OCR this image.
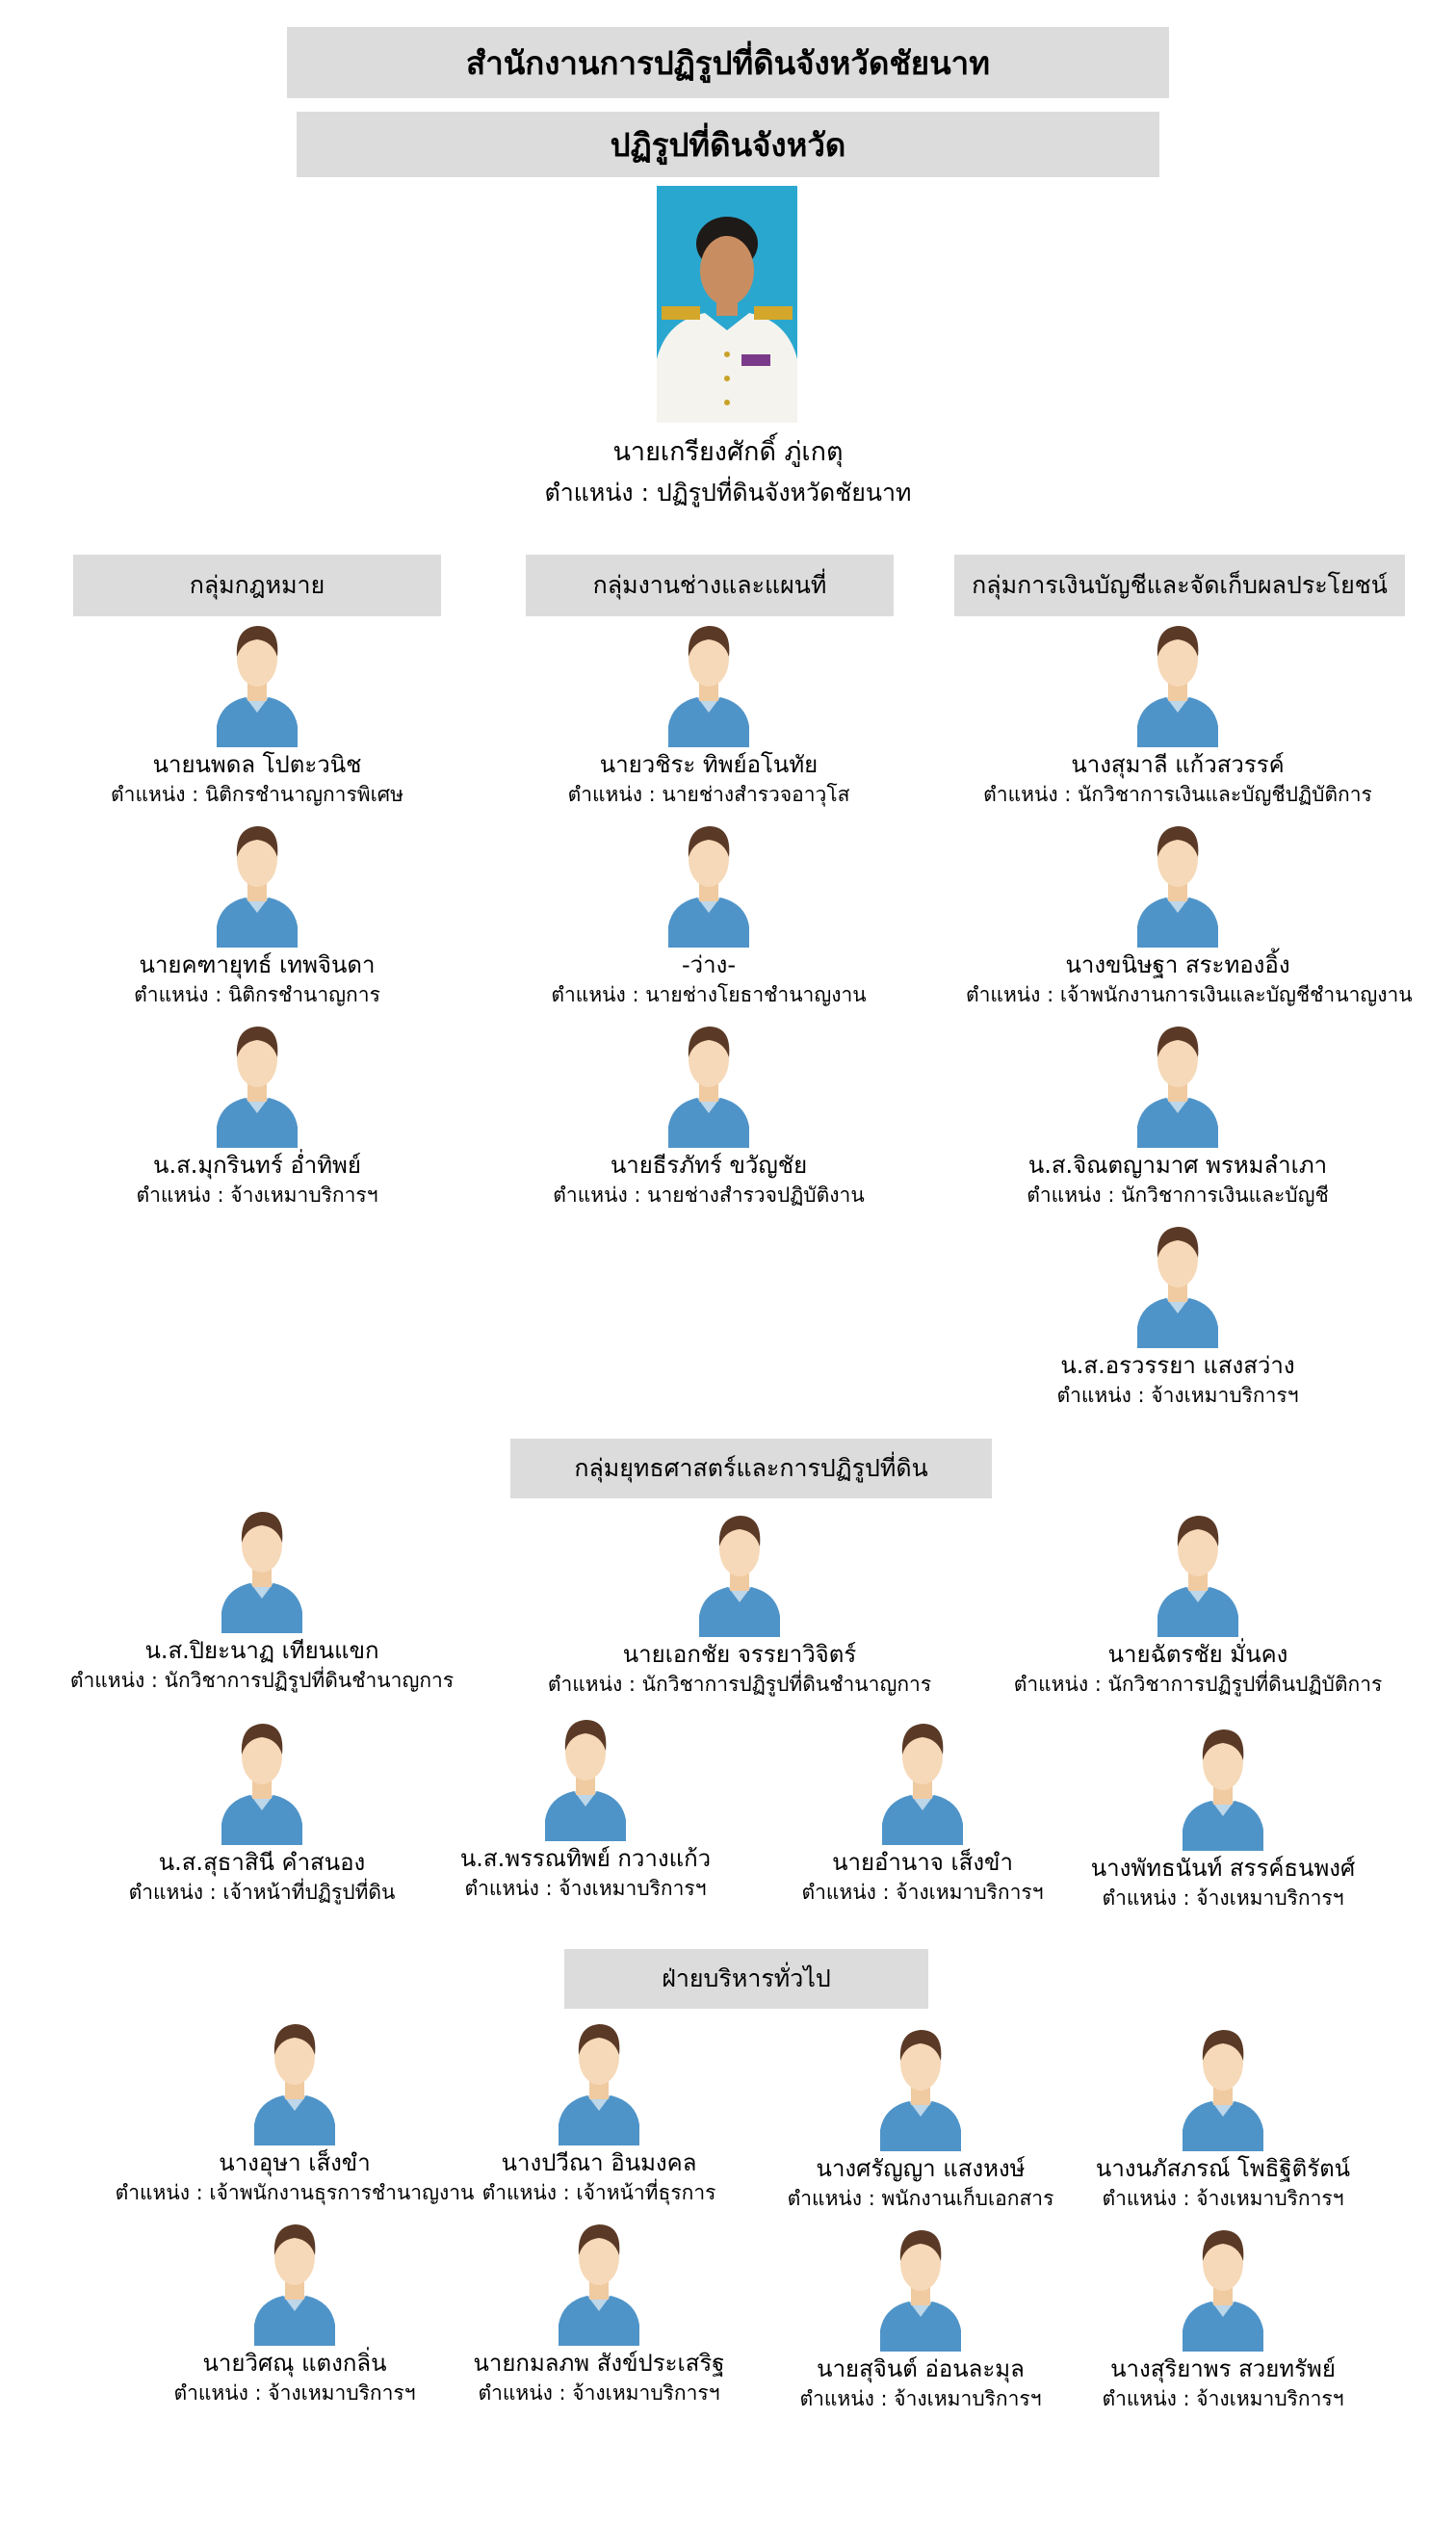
สำนักงานการปฏิรูปที่ดินจังหวัดชัยนาท
ปฏิรูปที่ดินจังหวัด
นายเกรียงศักดิ์ ภู่เกตุ
ตำแหน่ง : ปฏิรูปที่ดินจังหวัดชัยนาท
กลุ่มกฎหมาย
นายนพดล โปตะวนิช
ตำแหน่ง : นิติกรชำนาญการพิเศษ
นายคฑายุทธ์ เทพจินดา
ตำแหน่ง : นิติกรชำนาญการ
น.ส.มุกรินทร์ อ่ำทิพย์
ตำแหน่ง : จ้างเหมาบริการฯ
กลุ่มงานช่างและแผนที่
นายวชิระ ทิพย์อโนทัย
ตำแหน่ง : นายช่างสำรวจอาวุโส
-ว่าง-
ตำแหน่ง : นายช่างโยธาชำนาญงาน
นายธีรภัทร์ ขวัญชัย
ตำแหน่ง : นายช่างสำรวจปฏิบัติงาน
กลุ่มการเงินบัญชีและจัดเก็บผลประโยชน์
นางสุมาลี แก้วสวรรค์
ตำแหน่ง : นักวิชาการเงินและบัญชีปฏิบัติการ
นางขนิษฐา สระทองอิ้ง
ตำแหน่ง : เจ้าพนักงานการเงินและบัญชีชำนาญงาน
น.ส.จิณตญามาศ พรหมลำเภา
ตำแหน่ง : นักวิชาการเงินและบัญชี
น.ส.อรวรรยา แสงสว่าง
ตำแหน่ง : จ้างเหมาบริการฯ
กลุ่มยุทธศาสตร์และการปฏิรูปที่ดิน
น.ส.ปิยะนาฏ เทียนแขก
ตำแหน่ง : นักวิชาการปฏิรูปที่ดินชำนาญการ
นายเอกชัย จรรยาวิจิตร์
ตำแหน่ง : นักวิชาการปฏิรูปที่ดินชำนาญการ
นายฉัตรชัย มั่นคง
ตำแหน่ง : นักวิชาการปฏิรูปที่ดินปฏิบัติการ
น.ส.สุธาสินี คำสนอง
ตำแหน่ง : เจ้าหน้าที่ปฏิรูปที่ดิน
น.ส.พรรณทิพย์ กวางแก้ว
ตำแหน่ง : จ้างเหมาบริการฯ
นายอำนาจ เส็งขำ
ตำแหน่ง : จ้างเหมาบริการฯ
นางพัทธนันท์ สรรค์ธนพงศ์
ตำแหน่ง : จ้างเหมาบริการฯ
ฝ่ายบริหารทั่วไป
นางอุษา เส็งขำ
ตำแหน่ง : เจ้าพนักงานธุรการชำนาญงาน
นางปวีณา อินมงคล
ตำแหน่ง : เจ้าหน้าที่ธุรการ
นางศรัญญา แสงหงษ์
ตำแหน่ง : พนักงานเก็บเอกสาร
นางนภัสภรณ์ โพธิฐิติรัตน์
ตำแหน่ง : จ้างเหมาบริการฯ
นายวิศณุ แตงกลิ่น
ตำแหน่ง : จ้างเหมาบริการฯ
นายกมลภพ สังข์ประเสริฐ
ตำแหน่ง : จ้างเหมาบริการฯ
นายสุจินต์ อ่อนละมุล
ตำแหน่ง : จ้างเหมาบริการฯ
นางสุริยาพร สวยทรัพย์
ตำแหน่ง : จ้างเหมาบริการฯ
